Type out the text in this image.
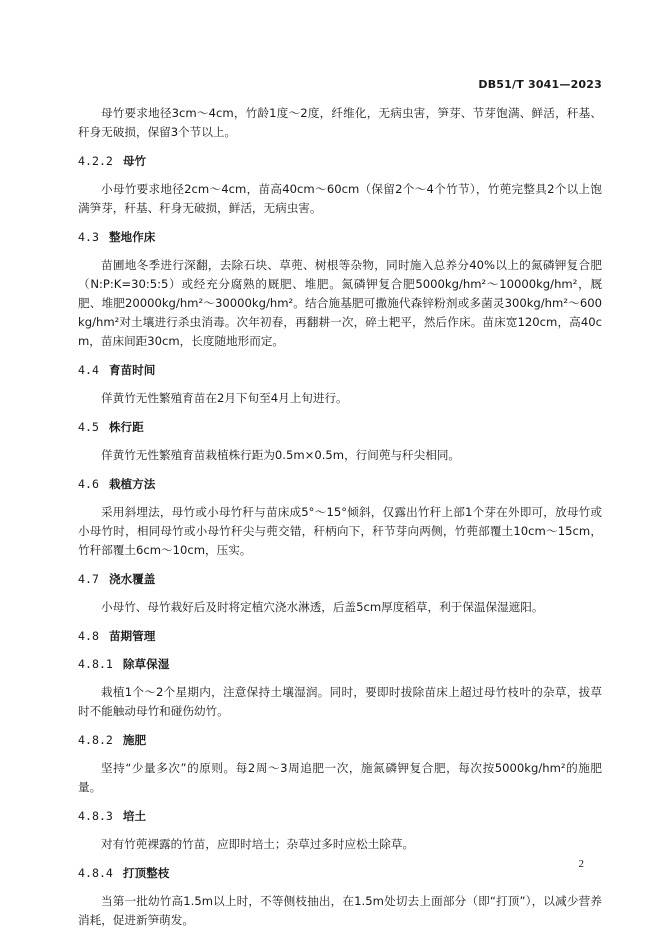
DB51/T 3041—2023

母竹要求地径3cm～4cm，竹龄1度～2度，纤维化，无病虫害，笋芽、节芽饱满、鲜活，秆基、秆身无破损，保留3个节以上。

4.2.2 母竹

小母竹要求地径2cm～4cm，苗高40cm～60cm（保留2个～4个竹节），竹蔸完整具2个以上饱满笋芽，秆基、秆身无破损，鲜活，无病虫害。

4.3 整地作床

苗圃地冬季进行深翻，去除石块、草蔸、树根等杂物，同时施入总养分40%以上的氮磷钾复合肥（N:P:K=30:5:5）或经充分腐熟的厩肥、堆肥。氮磷钾复合肥5000kg/hm²～10000kg/hm²，厩肥、堆肥20000kg/hm²～30000kg/hm²。结合施基肥可撒施代森锌粉剂或多菌灵300kg/hm²～600kg/hm²对土壤进行杀虫消毒。次年初春，再翻耕一次，碎土耙平，然后作床。苗床宽120cm，高40cm，苗床间距30cm，长度随地形而定。

4.4 育苗时间

佯黄竹无性繁殖育苗在2月下旬至4月上旬进行。

4.5 株行距

佯黄竹无性繁殖育苗栽植株行距为0.5m×0.5m，行间蔸与秆尖相同。

4.6 栽植方法

采用斜埋法，母竹或小母竹秆与苗床成5°～15°倾斜，仅露出竹秆上部1个芽在外即可，放母竹或小母竹时，相同母竹或小母竹秆尖与蔸交错，秆柄向下，秆节芽向两侧，竹蔸部覆土10cm～15cm，竹秆部覆土6cm～10cm，压实。

4.7 浇水覆盖

小母竹、母竹栽好后及时将定植穴浇水淋透，后盖5cm厚度稻草，利于保温保湿遮阳。

4.8 苗期管理
4.8.1 除草保湿

栽植1个～2个星期内，注意保持土壤湿润。同时，要即时拔除苗床上超过母竹枝叶的杂草，拔草时不能触动母竹和碰伤幼竹。

4.8.2 施肥

坚持“少量多次”的原则。每2周～3周追肥一次，施氮磷钾复合肥，每次按5000kg/hm²的施肥量。

4.8.3 培土

对有竹蔸裸露的竹苗，应即时培土；杂草过多时应松土除草。

4.8.4 打顶整枝

当第一批幼竹高1.5m以上时，不等侧枝抽出，在1.5m处切去上面部分（即“打顶”），以减少营养消耗，促进新笋萌发。

2
